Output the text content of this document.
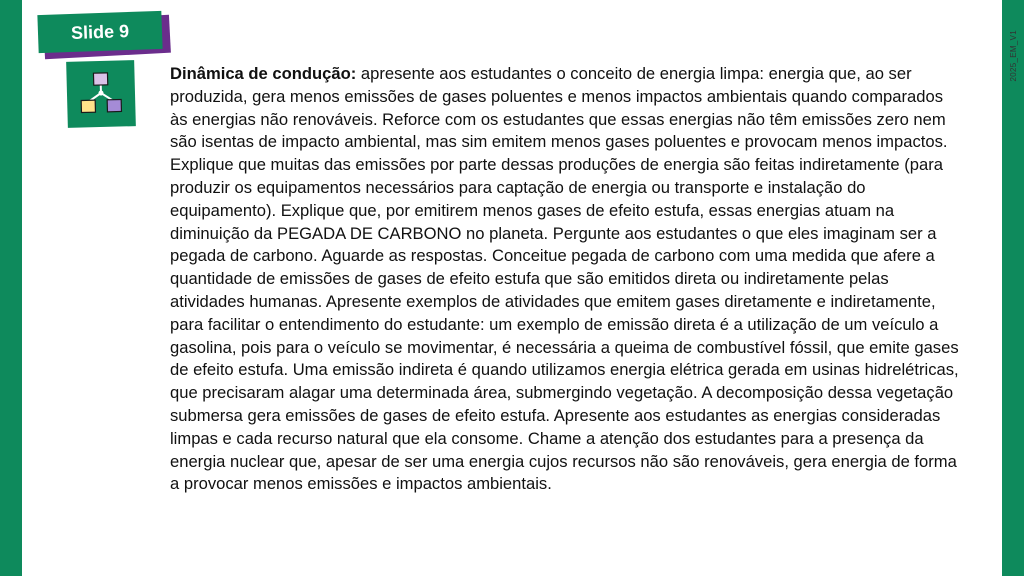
Slide 9
Dinâmica de condução: apresente aos estudantes o conceito de energia limpa: energia que, ao ser produzida, gera menos emissões de gases poluentes e menos impactos ambientais quando comparados às energias não renováveis. Reforce com os estudantes que essas energias não têm emissões zero nem são isentas de impacto ambiental, mas sim emitem menos gases poluentes e provocam menos impactos. Explique que muitas das emissões por parte dessas produções de energia são feitas indiretamente (para produzir os equipamentos necessários para captação de energia ou transporte e instalação do equipamento). Explique que, por emitirem menos gases de efeito estufa, essas energias atuam na diminuição da PEGADA DE CARBONO no planeta. Pergunte aos estudantes o que eles imaginam ser a pegada de carbono. Aguarde as respostas. Conceitue pegada de carbono com uma medida que afere a quantidade de emissões de gases de efeito estufa que são emitidos direta ou indiretamente pelas atividades humanas. Apresente exemplos de atividades que emitem gases diretamente e indiretamente, para facilitar o entendimento do estudante: um exemplo de emissão direta é a utilização de um veículo a gasolina, pois para o veículo se movimentar, é necessária a queima de combustível fóssil, que emite gases de efeito estufa. Uma emissão indireta é quando utilizamos energia elétrica gerada em usinas hidrelétricas, que precisaram alagar uma determinada área, submergindo vegetação. A decomposição dessa vegetação submersa gera emissões de gases de efeito estufa. Apresente aos estudantes as energias consideradas limpas e cada recurso natural que ela consome. Chame a atenção dos estudantes para a presença da energia nuclear que, apesar de ser uma energia cujos recursos não são renováveis, gera energia de forma a provocar menos emissões e impactos ambientais.
2025_EM_V1
